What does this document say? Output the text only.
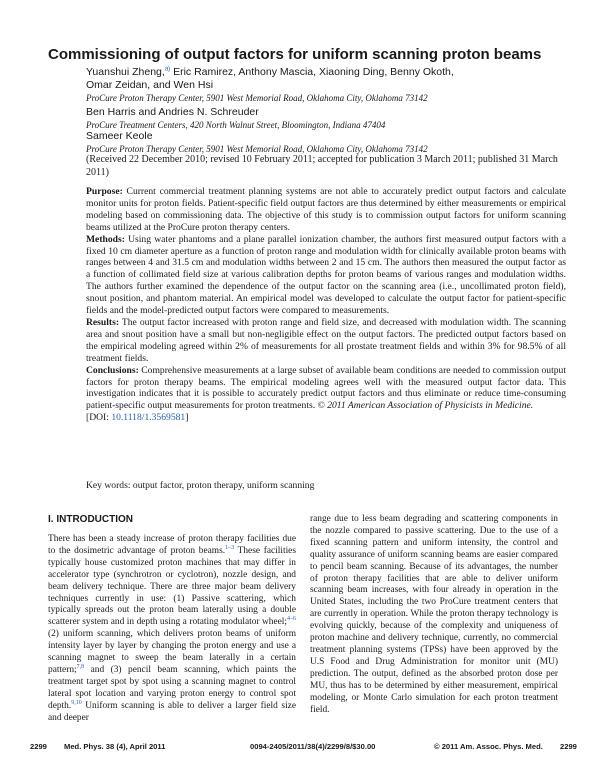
Commissioning of output factors for uniform scanning proton beams
Yuanshui Zheng,$^{a)}$ Eric Ramirez, Anthony Mascia, Xiaoning Ding, Benny Okoth,
Omar Zeidan, and Wen Hsi
ProCure Proton Therapy Center, 5901 West Memorial Road, Oklahoma City, Oklahoma 73142
Ben Harris and Andries N. Schreuder
ProCure Treatment Centers, 420 North Walnut Street, Bloomington, Indiana 47404
Sameer Keole
ProCure Proton Therapy Center, 5901 West Memorial Road, Oklahoma City, Oklahoma 73142
(Received 22 December 2010; revised 10 February 2011; accepted for publication 3 March 2011; published 31 March 2011)

Purpose: Current commercial treatment planning systems are not able to accurately predict output factors and calculate monitor units for proton fields. Patient-specific field output factors are thus determined by either measurements or empirical modeling based on commissioning data. The objective of this study is to commission output factors for uniform scanning beams utilized at the ProCure proton therapy centers.

Methods: Using water phantoms and a plane parallel ionization chamber, the authors first measured output factors with a fixed 10 cm diameter aperture as a function of proton range and modulation width for clinically available proton beams with ranges between 4 and 31.5 cm and modulation widths between 2 and 15 cm. The authors then measured the output factor as a function of collimated field size at various calibration depths for proton beams of various ranges and modulation widths. The authors further examined the dependence of the output factor on the scanning area (i.e., uncollimated proton field), snout position, and phantom material. An empirical model was developed to calculate the output factor for patient-specific fields and the model-predicted output factors were compared to measurements.

Results: The output factor increased with proton range and field size, and decreased with modulation width. The scanning area and snout position have a small but non-negligible effect on the output factors. The predicted output factors based on the empirical modeling agreed within 2% of measurements for all prostate treatment fields and within 3% for 98.5% of all treatment fields.

Conclusions: Comprehensive measurements at a large subset of available beam conditions are needed to commission output factors for proton therapy beams. The empirical modeling agrees well with the measured output factor data. This investigation indicates that it is possible to accurately predict output factors and thus eliminate or reduce time-consuming patient-specific output measurements for proton treatments. © 2011 American Association of Physicists in Medicine.

[DOI: 10.1118/1.3569581]

Key words: output factor, proton therapy, uniform scanning
I. INTRODUCTION

There has been a steady increase of proton therapy facilities due to the dosimetric advantage of proton beams.$^{1-3}$ These facilities typically house customized proton machines that may differ in accelerator type (synchrotron or cyclotron), nozzle design, and beam delivery technique. There are three major beam delivery techniques currently in use: (1) Passive scattering, which typically spreads out the proton beam laterally using a double scatterer system and in depth using a rotating modulator wheel;$^{4-6}$ (2) uniform scanning, which delivers proton beams of uniform intensity layer by layer by changing the proton energy and use a scanning magnet to sweep the beam laterally in a certain pattern;$^{7,8}$ and (3) pencil beam scanning, which paints the treatment target spot by spot using a scanning magnet to control lateral spot location and varying proton energy to control spot depth.$^{9,10}$ Uniform scanning is able to deliver a larger field size and deeper

range due to less beam degrading and scattering components in the nozzle compared to passive scattering. Due to the use of a fixed scanning pattern and uniform intensity, the control and quality assurance of uniform scanning beams are easier compared to pencil beam scanning. Because of its advantages, the number of proton therapy facilities that are able to deliver uniform scanning beam increases, with four already in operation in the United States, including the two ProCure treatment centers that are currently in operation. While the proton therapy technology is evolving quickly, because of the complexity and uniqueness of proton machine and delivery technique, currently, no commercial treatment planning systems (TPSs) have been approved by the U.S Food and Drug Administration for monitor unit (MU) prediction. The output, defined as the absorbed proton dose per MU, thus has to be determined by either measurement, empirical modeling, or Monte Carlo simulation for each proton treatment field.

2299 Med. Phys. 38 (4), April 2011	0094-2405/2011/38(4)/2299/8/$30.00	© 2011 Am. Assoc. Phys. Med. 2299
